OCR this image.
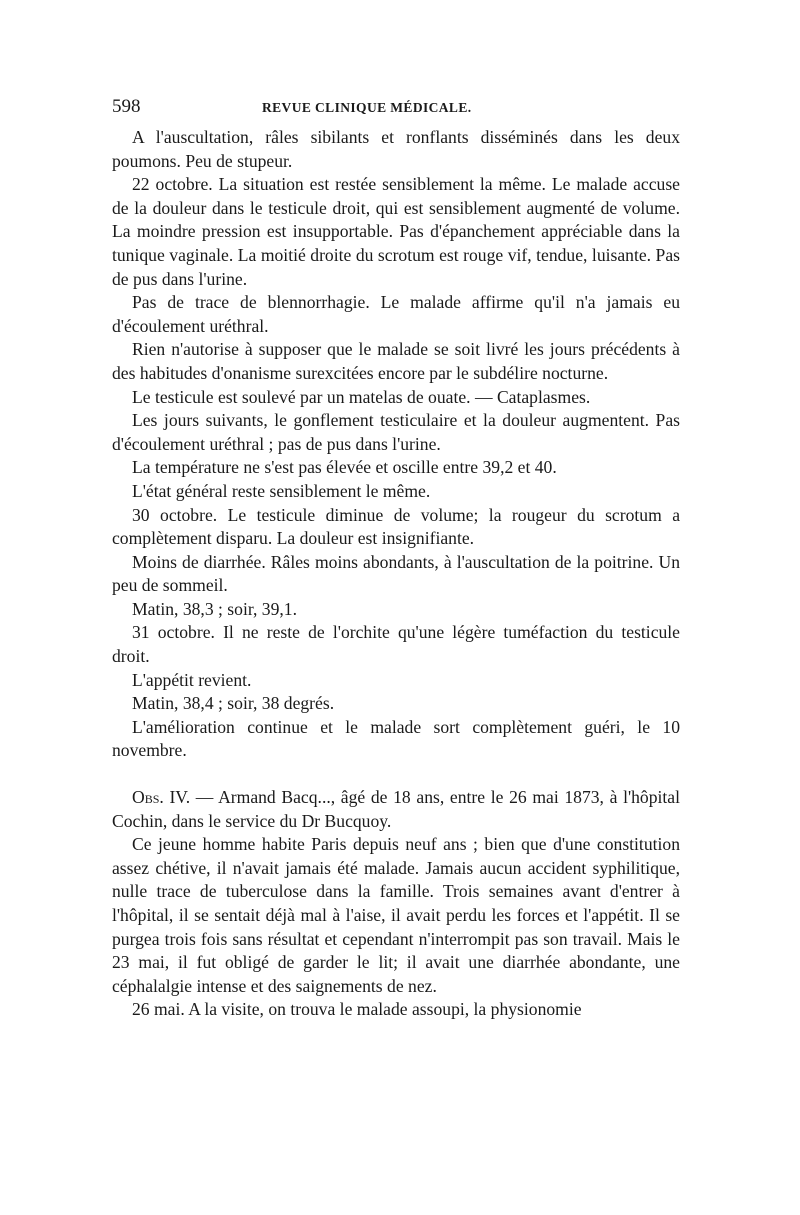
598	REVUE CLINIQUE MÉDICALE.

A l'auscultation, râles sibilants et ronflants disséminés dans les deux poumons. Peu de stupeur.

22 octobre. La situation est restée sensiblement la même. Le malade accuse de la douleur dans le testicule droit, qui est sensiblement augmenté de volume. La moindre pression est insupportable. Pas d'épanchement appréciable dans la tunique vaginale. La moitié droite du scrotum est rouge vif, tendue, luisante. Pas de pus dans l'urine.

Pas de trace de blennorrhagie. Le malade affirme qu'il n'a jamais eu d'écoulement uréthral.

Rien n'autorise à supposer que le malade se soit livré les jours précédents à des habitudes d'onanisme surexcitées encore par le subdélire nocturne.

Le testicule est soulevé par un matelas de ouate. — Cataplasmes.

Les jours suivants, le gonflement testiculaire et la douleur augmentent. Pas d'écoulement uréthral ; pas de pus dans l'urine.

La température ne s'est pas élevée et oscille entre 39,2 et 40.

L'état général reste sensiblement le même.

30 octobre. Le testicule diminue de volume; la rougeur du scrotum a complètement disparu. La douleur est insignifiante.

Moins de diarrhée. Râles moins abondants, à l'auscultation de la poitrine. Un peu de sommeil.

Matin, 38,3 ; soir, 39,1.

31 octobre. Il ne reste de l'orchite qu'une légère tuméfaction du testicule droit.

L'appétit revient.

Matin, 38,4 ; soir, 38 degrés.

L'amélioration continue et le malade sort complètement guéri, le 10 novembre.

Obs. IV. — Armand Bacq..., âgé de 18 ans, entre le 26 mai 1873, à l'hôpital Cochin, dans le service du Dr Bucquoy.

Ce jeune homme habite Paris depuis neuf ans ; bien que d'une constitution assez chétive, il n'avait jamais été malade. Jamais aucun accident syphilitique, nulle trace de tuberculose dans la famille. Trois semaines avant d'entrer à l'hôpital, il se sentait déjà mal à l'aise, il avait perdu les forces et l'appétit. Il se purgea trois fois sans résultat et cependant n'interrompit pas son travail. Mais le 23 mai, il fut obligé de garder le lit; il avait une diarrhée abondante, une céphalalgie intense et des saignements de nez.

26 mai. A la visite, on trouva le malade assoupi, la physionomie
